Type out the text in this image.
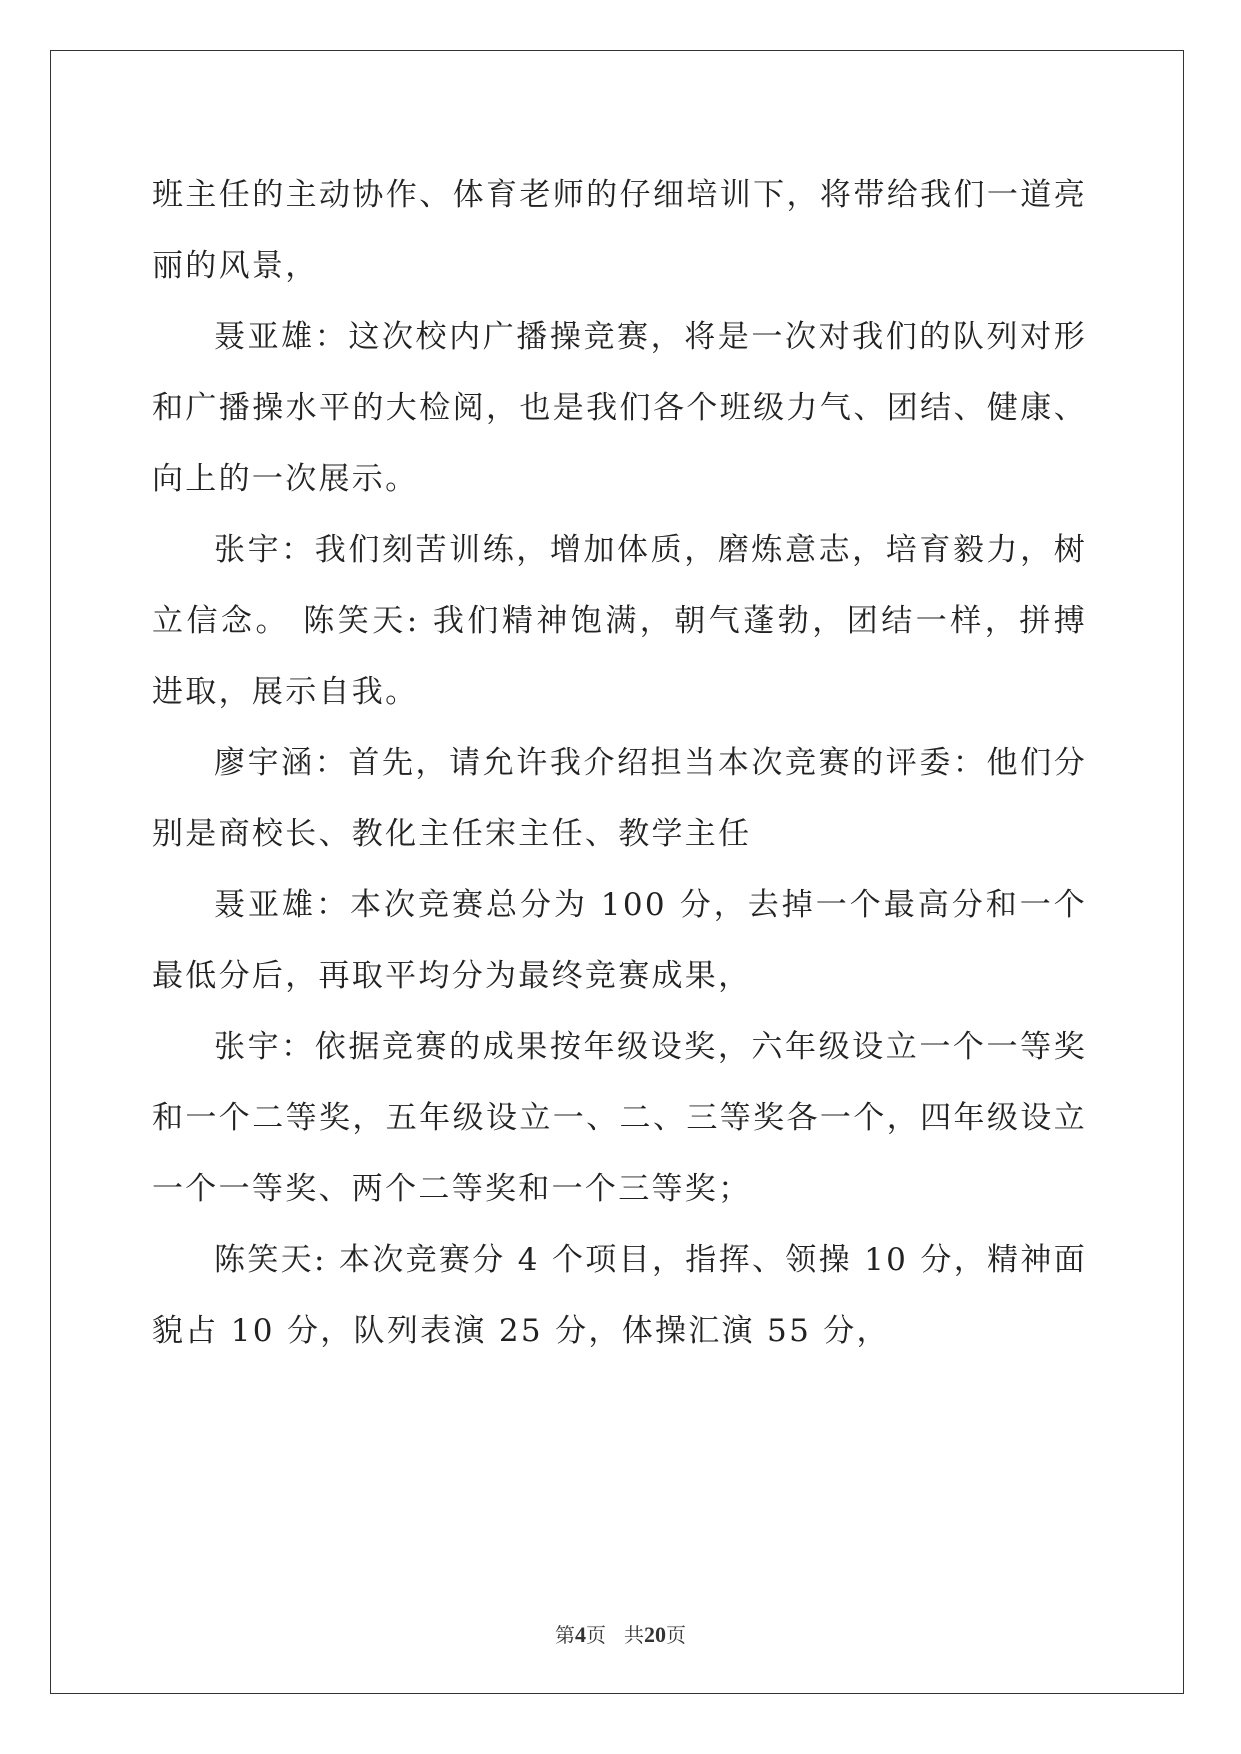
班主任的主动协作、体育老师的仔细培训下，将带给我们一道亮丽的风景，

聂亚雄：这次校内广播操竞赛，将是一次对我们的队列对形和广播操水平的大检阅，也是我们各个班级力气、团结、健康、向上的一次展示。

张宇：我们刻苦训练，增加体质，磨炼意志，培育毅力，树立信念。 陈笑天: 我们精神饱满，朝气蓬勃，团结一样，拼搏进取，展示自我。

廖宇涵：首先，请允许我介绍担当本次竞赛的评委：他们分别是商校长、教化主任宋主任、教学主任

聂亚雄：本次竞赛总分为 100 分，去掉一个最高分和一个最低分后，再取平均分为最终竞赛成果，

张宇：依据竞赛的成果按年级设奖，六年级设立一个一等奖和一个二等奖，五年级设立一、二、三等奖各一个，四年级设立一个一等奖、两个二等奖和一个三等奖；

陈笑天: 本次竞赛分 4 个项目，指挥、领操 10 分，精神面貌占 10 分，队列表演 25 分，体操汇演 55 分，

第4页 共20页
